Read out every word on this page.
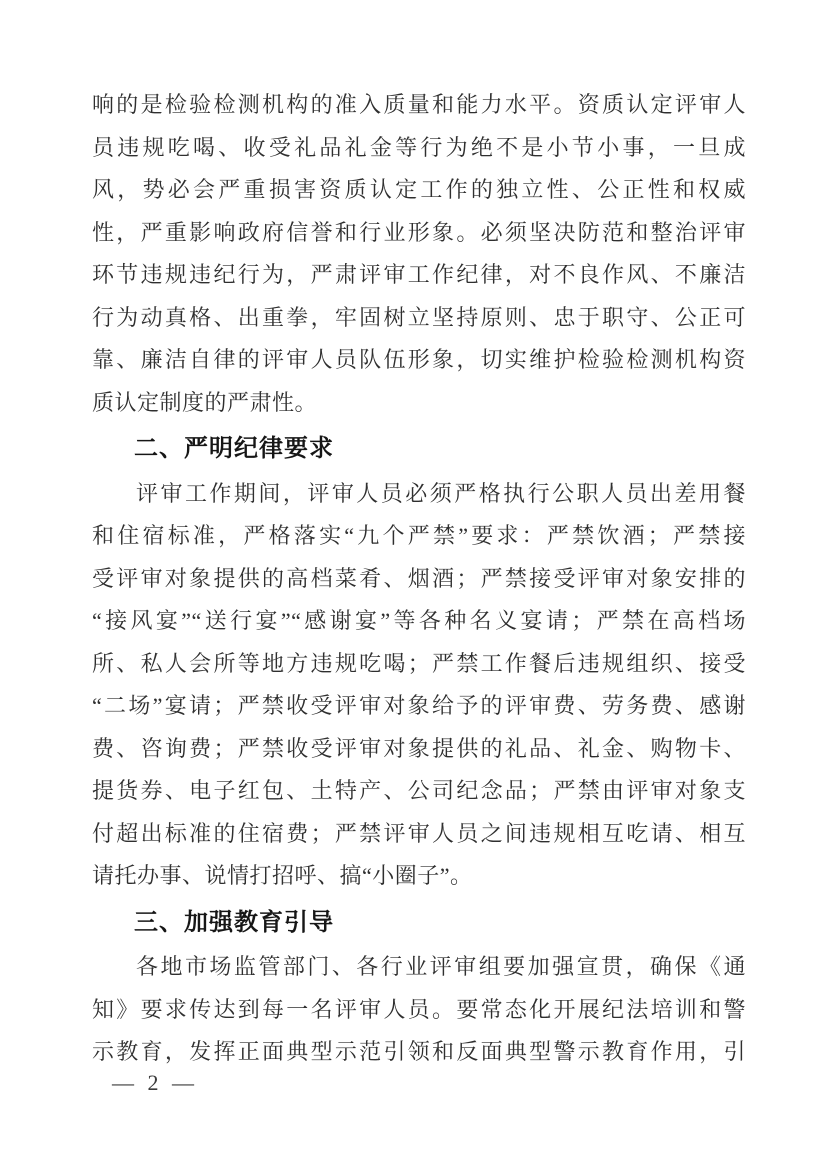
响的是检验检测机构的准入质量和能力水平。资质认定评审人
员违规吃喝、收受礼品礼金等行为绝不是小节小事，一旦成
风，势必会严重损害资质认定工作的独立性、公正性和权威
性，严重影响政府信誉和行业形象。必须坚决防范和整治评审
环节违规违纪行为，严肃评审工作纪律，对不良作风、不廉洁
行为动真格、出重拳，牢固树立坚持原则、忠于职守、公正可
靠、廉洁自律的评审人员队伍形象，切实维护检验检测机构资
质认定制度的严肃性。
二、严明纪律要求
评审工作期间，评审人员必须严格执行公职人员出差用餐
和住宿标准，严格落实“九个严禁”要求：严禁饮酒；严禁接
受评审对象提供的高档菜肴、烟酒；严禁接受评审对象安排的
“接风宴”“送行宴”“感谢宴”等各种名义宴请；严禁在高档场
所、私人会所等地方违规吃喝；严禁工作餐后违规组织、接受
“二场”宴请；严禁收受评审对象给予的评审费、劳务费、感谢
费、咨询费；严禁收受评审对象提供的礼品、礼金、购物卡、
提货券、电子红包、土特产、公司纪念品；严禁由评审对象支
付超出标准的住宿费；严禁评审人员之间违规相互吃请、相互
请托办事、说情打招呼、搞“小圈子”。
三、加强教育引导
各地市场监管部门、各行业评审组要加强宣贯，确保《通
知》要求传达到每一名评审人员。要常态化开展纪法培训和警
示教育，发挥正面典型示范引领和反面典型警示教育作用，引
— 2 —
